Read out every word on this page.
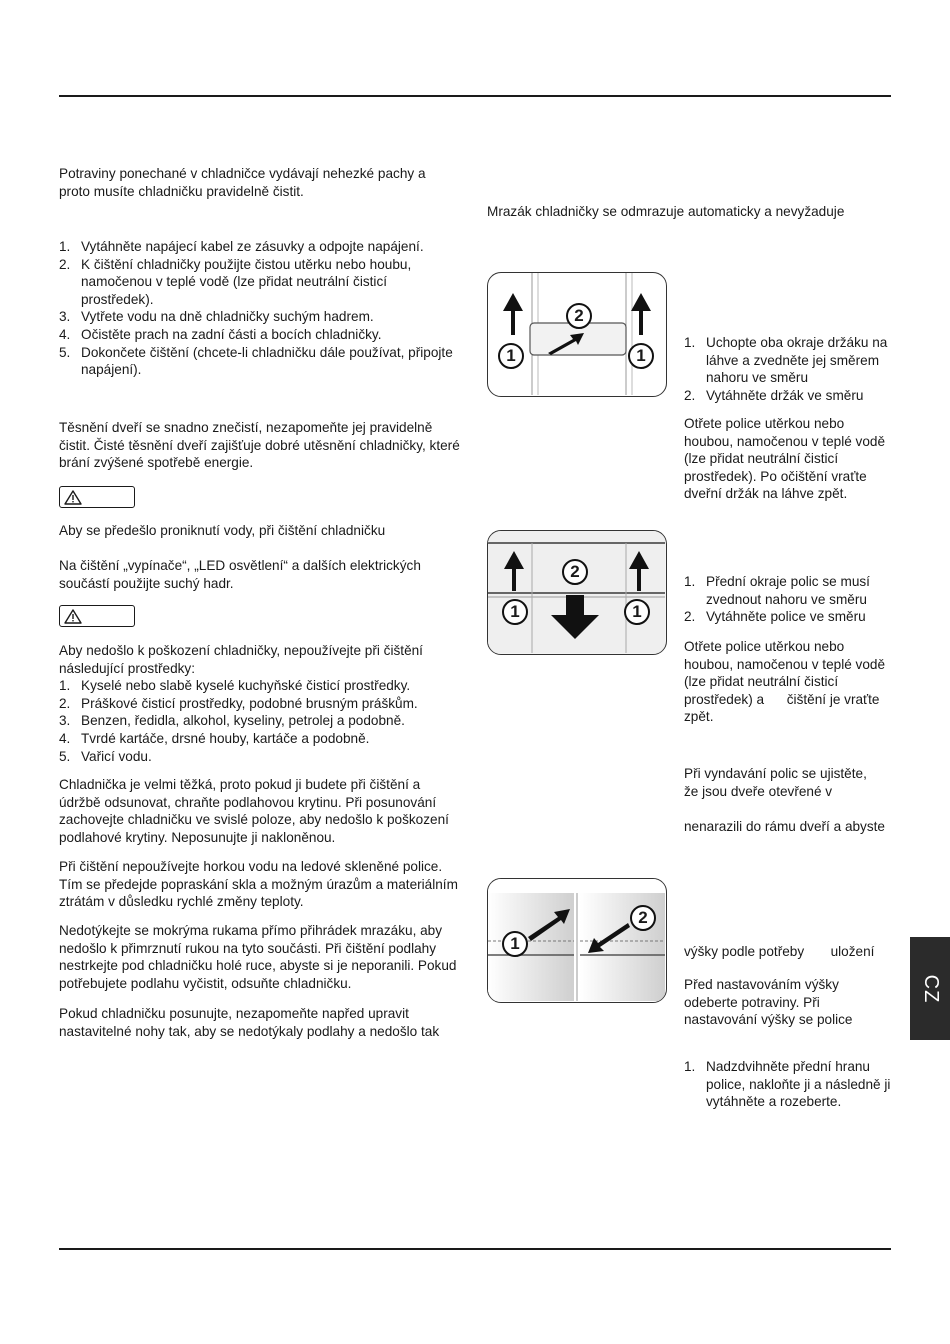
Potraviny ponechané v chladničce vydávají nehezké pachy a proto musíte chladničku pravidelně čistit.

1. Vytáhněte napájecí kabel ze zásuvky a odpojte napájení.
2. K čištění chladničky použijte čistou utěrku nebo houbu, namočenou v teplé vodě (lze přidat neutrální čisticí prostředek).
3. Vytřete vodu na dně chladničky suchým hadrem.
4. Očistěte prach na zadní části a bocích chladničky.
5. Dokončete čištění (chcete-li chladničku dále používat, připojte napájení).

Těsnění dveří se snadno znečistí, nezapomeňte jej pravidelně čistit. Čisté těsnění dveří zajišťuje dobré utěsnění chladničky, které brání zvýšené spotřebě energie.

Aby se předešlo proniknutí vody, při čištění chladničku

Na čištění „vypínače“, „LED osvětlení“ a dalších elektrických součástí použijte suchý hadr.

Aby nedošlo k poškození chladničky, nepoužívejte při čištění následující prostředky:

1. Kyselé nebo slabě kyselé kuchyňské čisticí prostředky.
2. Práškové čisticí prostředky, podobné brusným práškům.
3. Benzen, ředidla, alkohol, kyseliny, petrolej a podobně.
4. Tvrdé kartáče, drsné houby, kartáče a podobně.
5. Vařicí vodu.

Chladnička je velmi těžká, proto pokud ji budete při čištění a údržbě odsunovat, chraňte podlahovou krytinu. Při posunování zachovejte chladničku ve svislé poloze, aby nedošlo k poškození podlahové krytiny. Neposunujte ji nakloněnou.

Při čištění nepoužívejte horkou vodu na ledové skleněné police. Tím se předejde popraskání skla a možným úrazům a materiálním ztrátám v důsledku rychlé změny teploty.

Nedotýkejte se mokrýma rukama přímo přihrádek mrazáku, aby nedošlo k přimrznutí rukou na tyto součásti. Při čištění podlahy nestrkejte pod chladničku holé ruce, abyste si je neporanili. Pokud potřebujete podlahu vyčistit, odsuňte chladničku.

Pokud chladničku posunujte, nezapomeňte napřed upravit nastavitelné nohy tak, aby se nedotýkaly podlahy a nedošlo tak

Mrazák chladničky se odmrazuje automaticky a nevyžaduje

1	1
2
1. Uchopte oba okraje držáku na láhve a zvedněte jej směrem nahoru ve směru
2. Vytáhněte držák ve směru

Otřete police utěrkou nebo houbou, namočenou v teplé vodě (lze přidat neutrální čisticí prostředek). Po očištění vraťte dveřní držák na láhve zpět.

1	1
2
1. Přední okraje polic se musí zvednout nahoru ve směru
2. Vytáhněte police ve směru

Otřete police utěrkou nebo houbou, namočenou v teplé vodě (lze přidat neutrální čisticí prostředek) a      čištění je vraťte zpět.

Při vyndavání polic se ujistěte, že jsou dveře otevřené v

nenarazili do rámu dveří a abyste

1
2

výšky podle potřeby       uložení

Před nastavováním výšky odeberte potraviny. Při nastavování výšky se police

1. Nadzdvihněte přední hranu police, nakloňte ji a následně ji vytáhněte a rozeberte.
CZ
